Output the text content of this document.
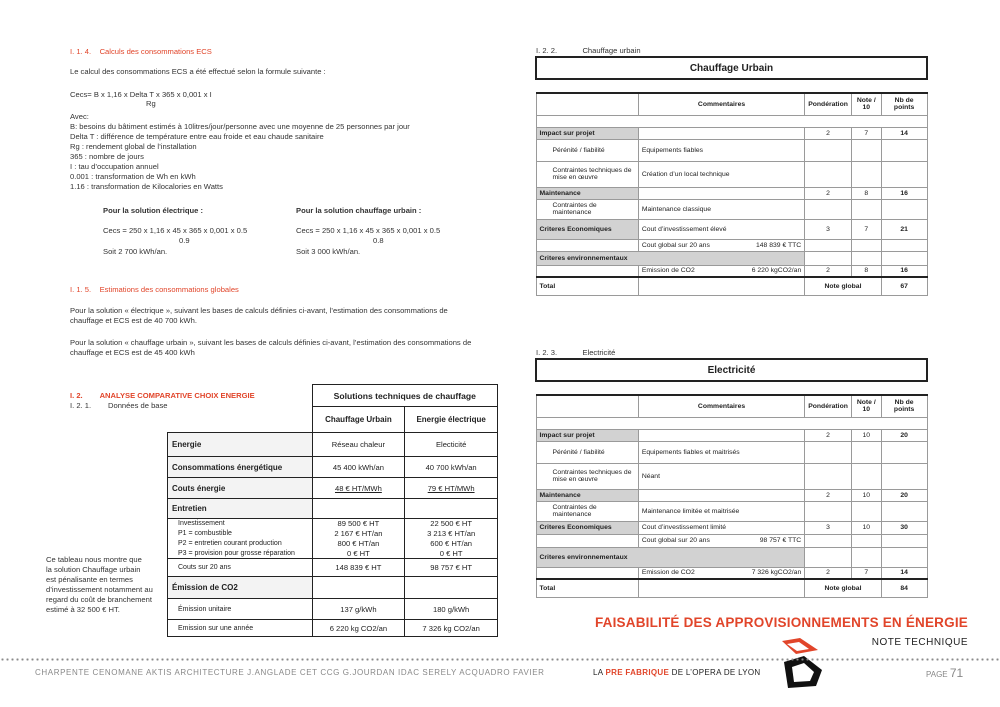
I. 1. 4. Calculs des consommations ECS

Le calcul des consommations ECS a été effectué selon la formule suivante :

Cecs= B x 1,16 x Delta T x 365 x 0,001 x I

Rg

Avec:

B: besoins du bâtiment estimés à 10litres/jour/personne avec une moyenne de 25 personnes par jour

Delta T : différence de température entre eau froide et eau chaude sanitaire

Rg : rendement global de l’installation

365 : nombre de jours

I : tau d’occupation annuel

0.001 : transformation de Wh en kWh

1.16 : transformation de Kilocalories en Watts

Pour la solution électrique :

Cecs = 250 x 1,16 x 45 x 365 x 0,001 x 0.5

0.9

Soit 2 700 kWh/an.

Pour la solution chauffage urbain :

Cecs = 250 x 1,16 x 45 x 365 x 0,001 x 0.5

0.8

Soit 3 000 kWh/an.

I. 1. 5. Estimations des consommations globales

Pour la solution « électrique », suivant les bases de calculs définies ci-avant, l’estimation des consommations de

chauffage et ECS est de 40 700 kWh.

Pour la solution « chauffage urbain », suivant les bases de calculs définies ci-avant, l’estimation des consommations de

chauffage et ECS est de 45 400 kWh

I. 2. ANALYSE COMPARATIVE CHOIX ENERGIE

I. 2. 1. Données de base

Ce tableau nous montre que

la solution Chauffage urbain

est pénalisante en termes

d’investissement notamment au

regard du coût de branchement

estimé à 32 500 € HT.

	Solutions techniques de chauffage	
	Chauffage Urbain	Energie électrique
Energie	Réseau chaleur	Electicité
Consommations énergétique	45 400 kWh/an	40 700 kWh/an
Couts énergie	48 € HT/MWh	79 € HT/MWh
Entretien		
Investissement	89 500 € HT	22 500 € HT
P1 = combustible	2 167 € HT/an	3 213 € HT/an
P2 = entretien courant production	800 € HT/an	600 € HT/an
P3 = provision pour grosse réparation	0 € HT	0 € HT
Couts sur 20 ans	148 839 € HT	98 757 € HT
Émission de CO2		
Émission unitaire	137 g/kWh	180 g/kWh
Emission sur une année	6 220 kg CO2/an	7 326 kg CO2/an

I. 2. 2.	Chauffage urbain

Chauffage Urbain				

	Commentaires	Pondération	Note / 10	Nb de points

Impact sur projet		2	7	14
Pérénité / fiabilité	Equipements fiables			
Contraintes techniques de mise en œuvre	Création d’un local technique			
Maintenance		2	8	16
Contraintes de maintenance	Maintenance classique			
Criteres Economiques	Cout d’investissement élevé	3	7	21
	Cout global sur 20 ans 148 839 € TTC			

Criteres environnementaux				
	Emission de CO2 6 220 kgCO2/an	2	8	16
Total		Note global		67

I. 2. 3.	Electricité

Electricité				

	Commentaires	Pondération	Note / 10	Nb de points

Impact sur projet		2	10	20
Pérénité / fiabilité	Equipements fiables et maitrisés			
Contraintes techniques de mise en œuvre	Néant			
Maintenance		2	10	20
Contraintes de maintenance	Maintenance limitée et maitrisée			
Criteres Economiques	Cout d’investissement limité	3	10	30
	Cout global sur 20 ans 98 757 € TTC			

Criteres environnementaux				
	Emission de CO2 7 326 kgCO2/an	2	7	14
Total		Note global		84
FAISABILITÉ DES APPROVISIONNEMENTS EN ÉNERGIE
NOTE TECHNIQUE
CHARPENTE CENOMANE AKTIS ARCHITECTURE J.ANGLADE CET CCG G.JOURDAN IDAC SERELY ACQUADRO FAVIER	LA PRE FABRIQUE DE L’OPERA DE LYON	PAGE 71
